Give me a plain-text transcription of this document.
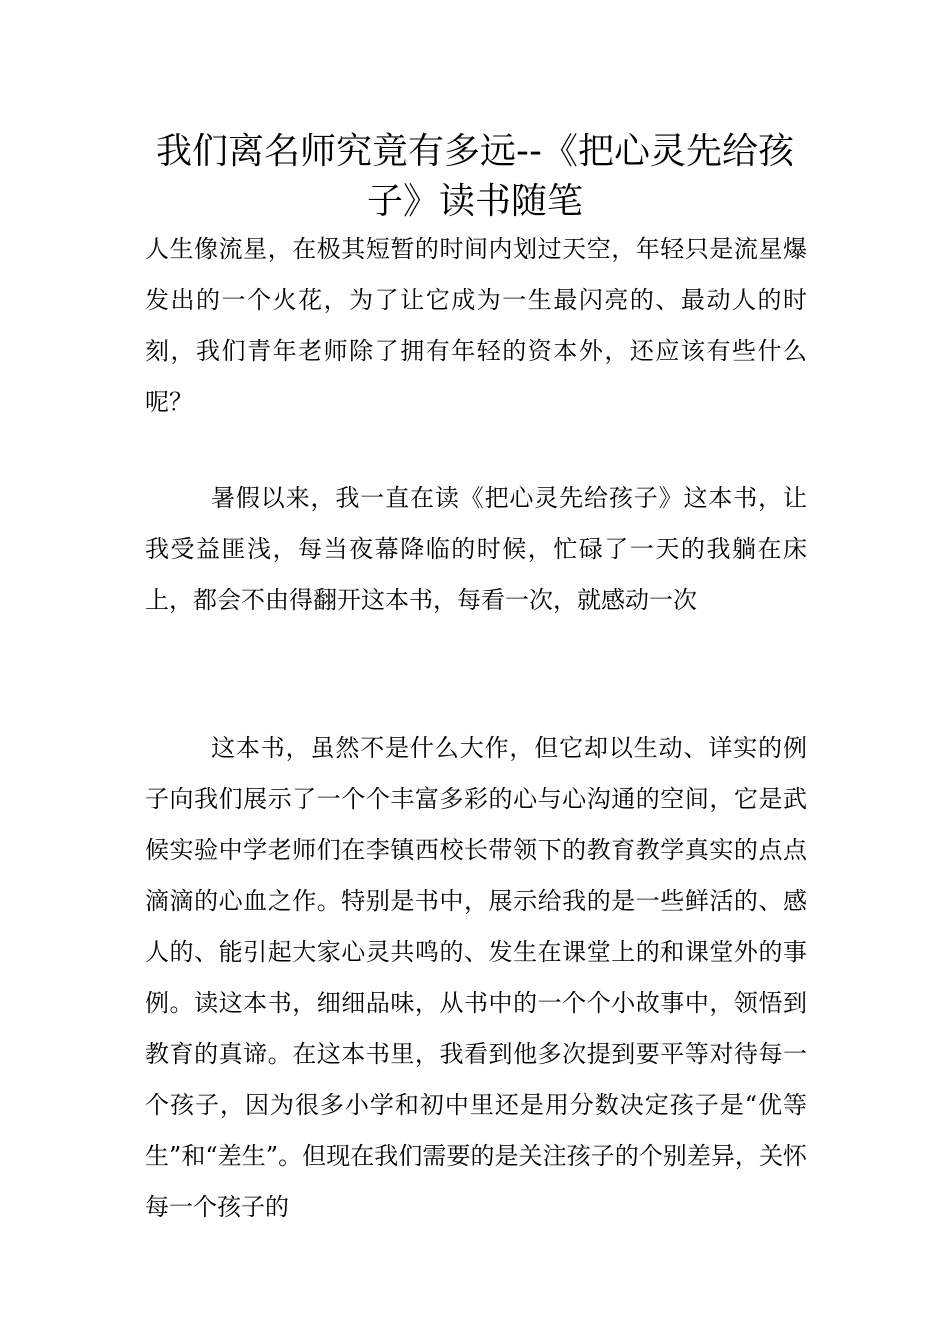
我们离名师究竟有多远--《把心灵先给孩子》读书随笔

人生像流星，在极其短暂的时间内划过天空，年轻只是流星爆发出的一个火花，为了让它成为一生最闪亮的、最动人的时刻，我们青年老师除了拥有年轻的资本外，还应该有些什么呢？

暑假以来，我一直在读《把心灵先给孩子》这本书，让我受益匪浅，每当夜幕降临的时候，忙碌了一天的我躺在床上，都会不由得翻开这本书，每看一次，就感动一次

这本书，虽然不是什么大作，但它却以生动、详实的例子向我们展示了一个个丰富多彩的心与心沟通的空间，它是武候实验中学老师们在李镇西校长带领下的教育教学真实的点点滴滴的心血之作。特别是书中，展示给我的是一些鲜活的、感人的、能引起大家心灵共鸣的、发生在课堂上的和课堂外的事例。读这本书，细细品味，从书中的一个个小故事中，领悟到教育的真谛。在这本书里，我看到他多次提到要平等对待每一个孩子，因为很多小学和初中里还是用分数决定孩子是“优等生”和“差生”。但现在我们需要的是关注孩子的个别差异，关怀每一个孩子的
